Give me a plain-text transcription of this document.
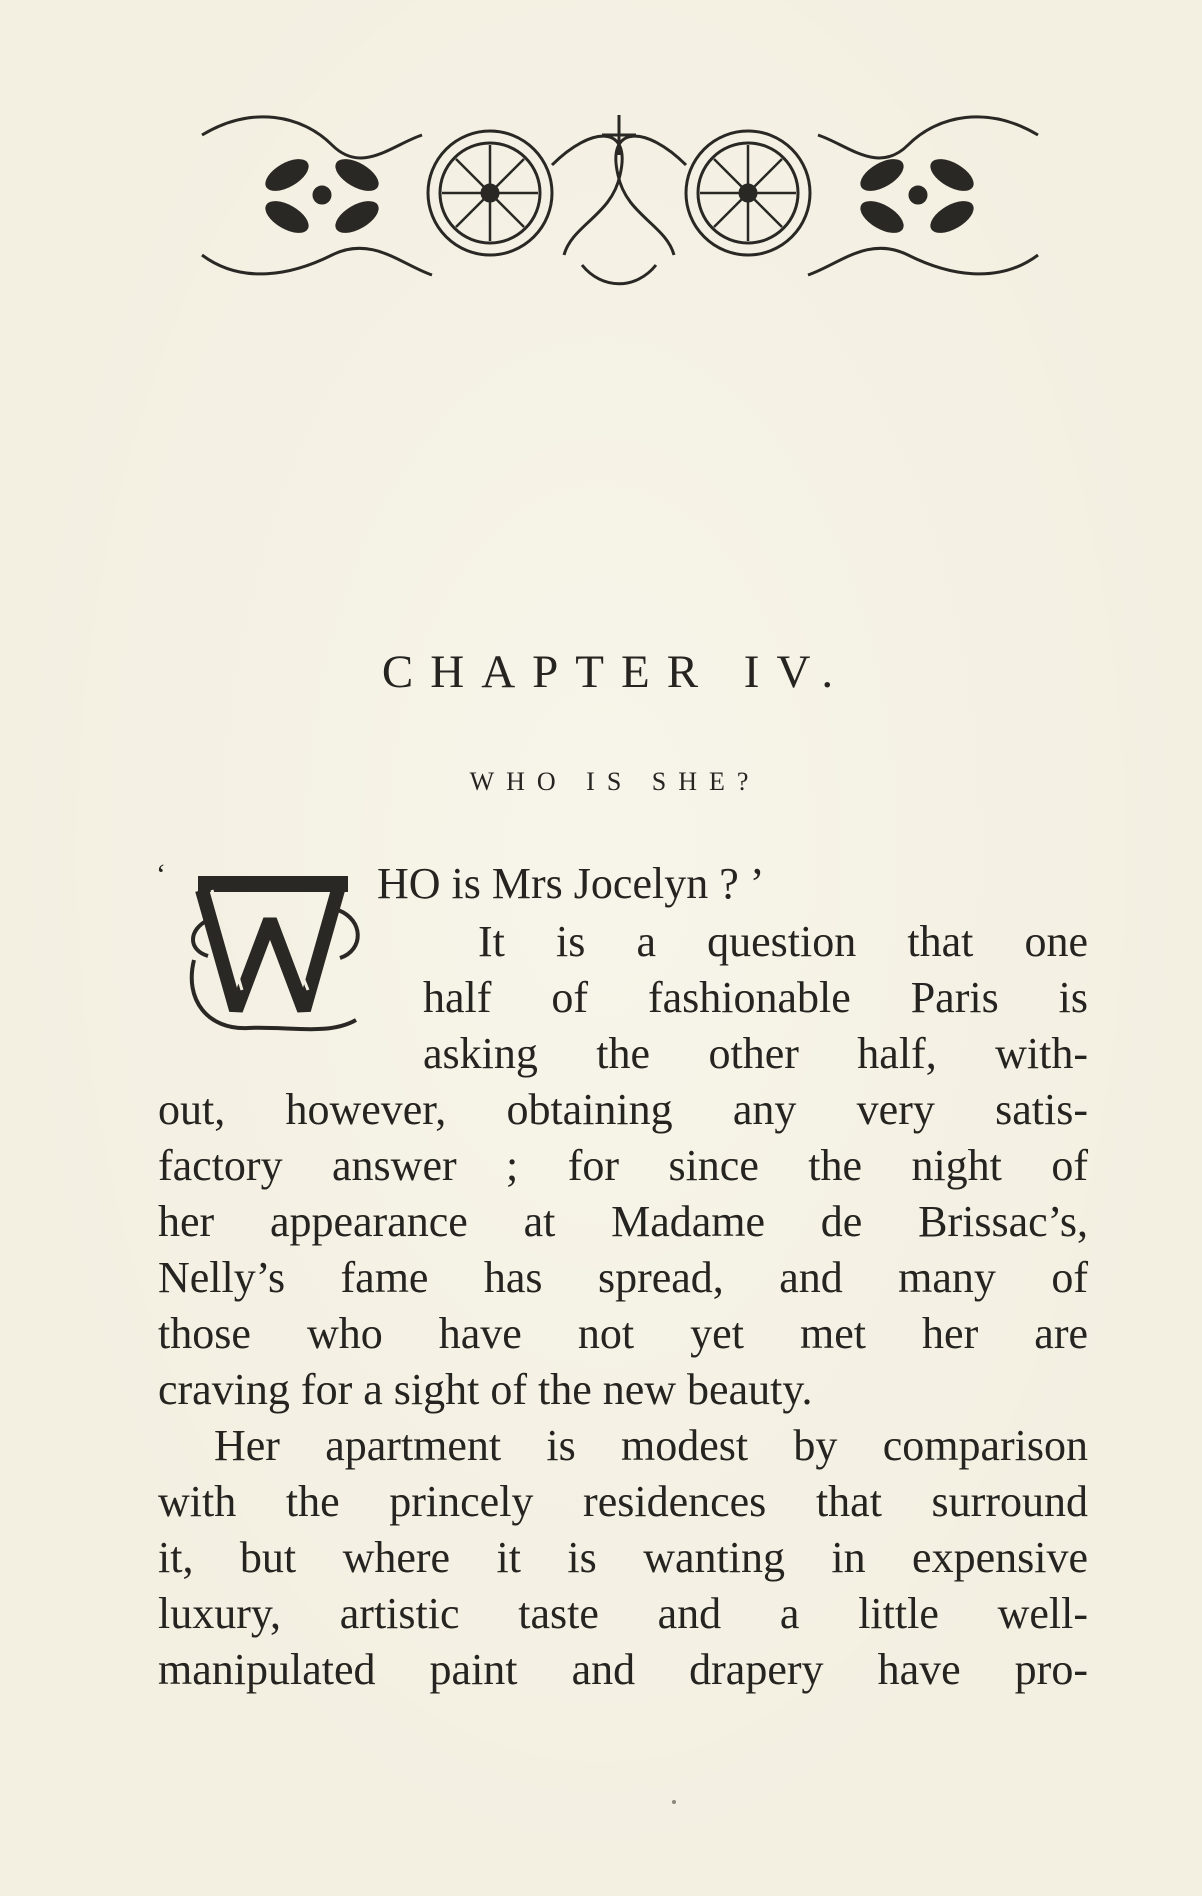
CHAPTER IV.
WHO IS SHE?
‘	HO is Mrs Jocelyn ? ’
It is a question that one
half of fashionable Paris is
asking the other half, with-
out, however, obtaining any very satis-
factory answer ; for since the night of
her appearance at Madame de Brissac’s,
Nelly’s fame has spread, and many of
those who have not yet met her are
craving for a sight of the new beauty.
Her apartment is modest by comparison
with the princely residences that surround
it, but where it is wanting in expensive
luxury, artistic taste and a little well-
manipulated paint and drapery have pro-
